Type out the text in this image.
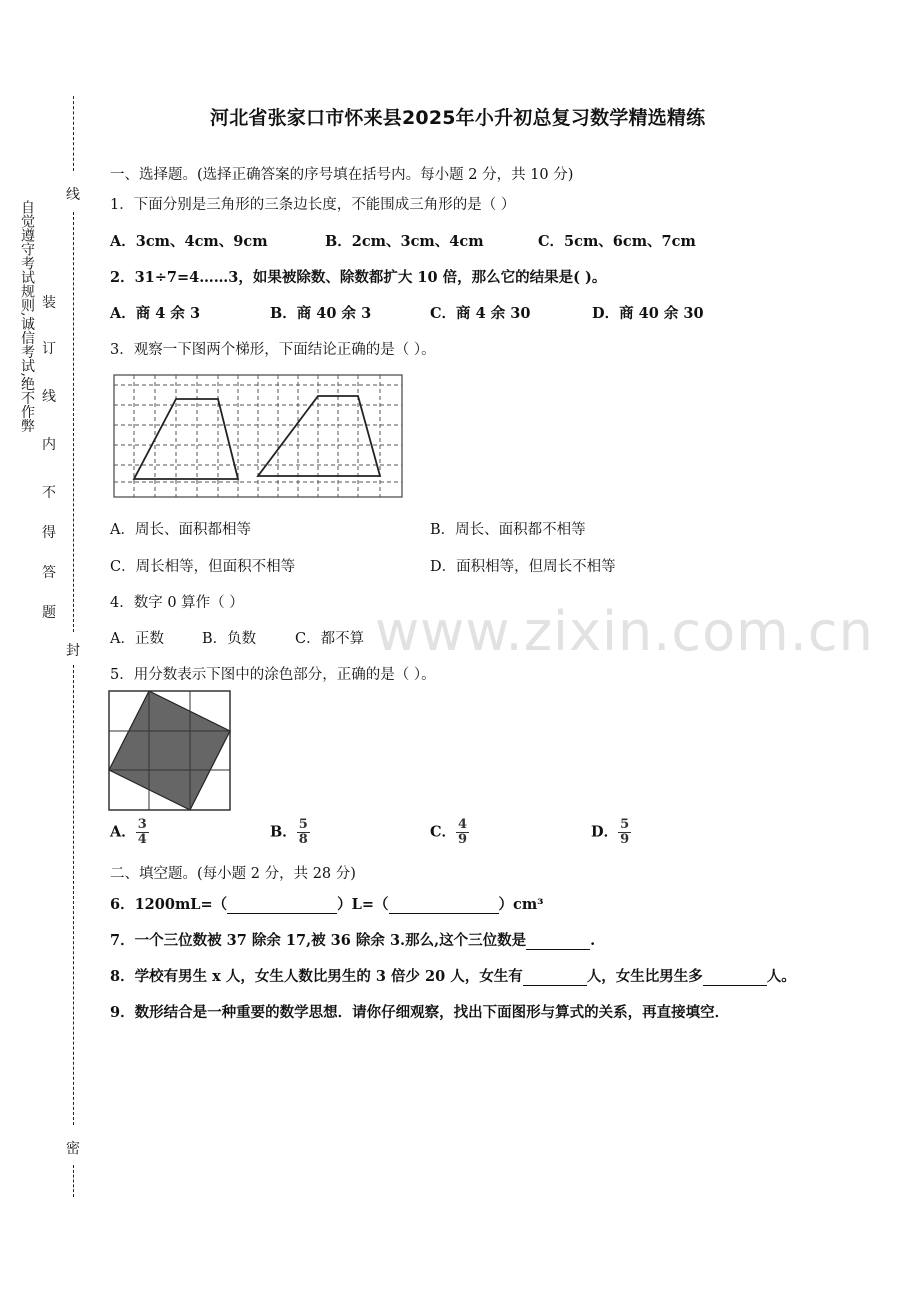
线
封
密
自觉遵守考试规则,诚信考试,绝不作弊 装
订
线
内
不
得
答
题	www.zixin.com.cn
河北省张家口市怀来县2025年小升初总复习数学精选精练
一、选择题。(选择正确答案的序号填在括号内。每小题 2 分，共 10 分)
1．下面分别是三角形的三条边长度，不能围成三角形的是（ ）
A．3cm、4cm、9cm	B．2cm、3cm、4cm	C．5cm、6cm、7cm
2．31÷7=4……3，如果被除数、除数都扩大 10 倍，那么它的结果是( )。
A．商 4 余 3	B．商 40 余 3	C．商 4 余 30	D．商 40 余 30
3．观察一下图两个梯形，下面结论正确的是（ ）。
A．周长、面积都相等	B．周长、面积都不相等
C．周长相等，但面积不相等	D．面积相等，但周长不相等
4．数字 0 算作（ ）
A．正数	B．负数	C．都不算
5．用分数表示下图中的涂色部分，正确的是（ ）。
A． $\frac{3}{4}$	B． $\frac{5}{8}$	C． $\frac{4}{9}$	D． $\frac{5}{9}$
二、填空题。(每小题 2 分，共 28 分)
6．1200mL=（	）L=（	）cm³
7．一个三位数被 37 除余 17,被 36 除余 3.那么,这个三位数是	.
8．学校有男生 x 人，女生人数比男生的 3 倍少 20 人，女生有	人，女生比男生多	人。
9．数形结合是一种重要的数学思想．请你仔细观察，找出下面图形与算式的关系，再直接填空．
